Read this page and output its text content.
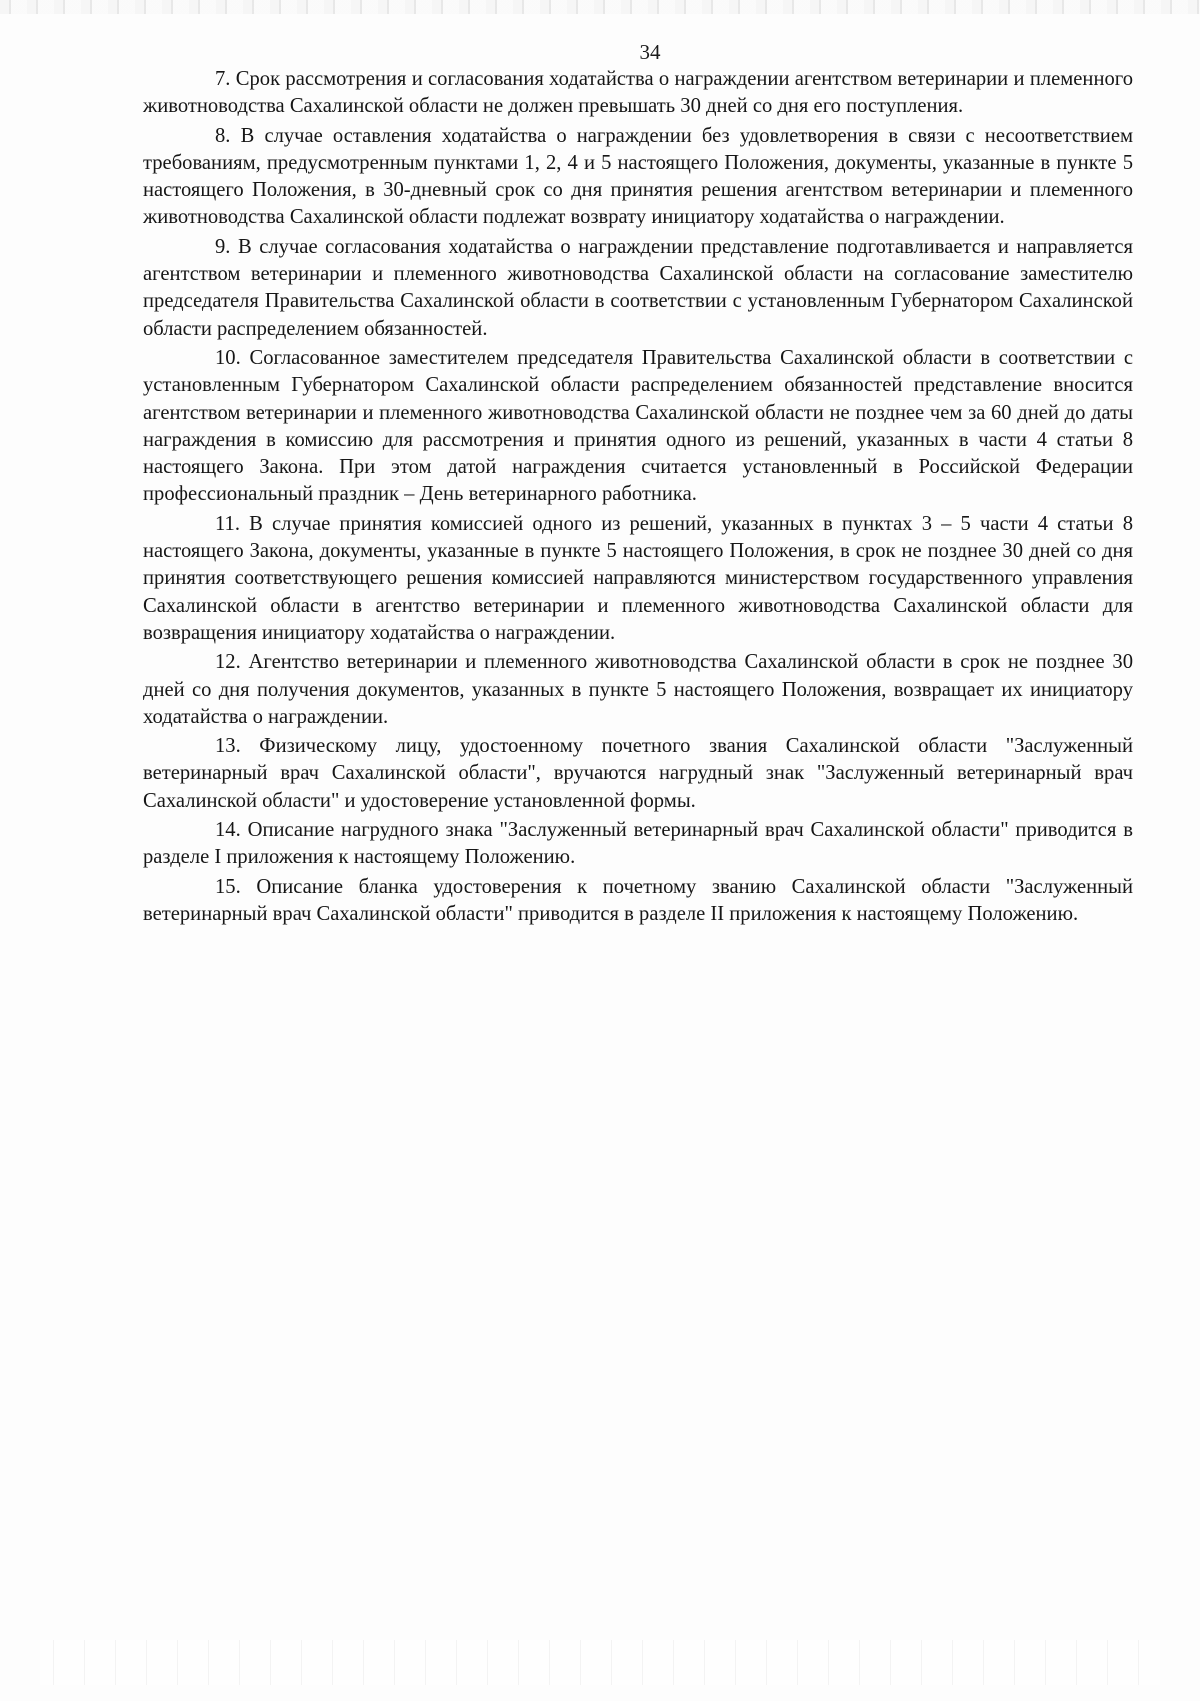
34

7. Срок рассмотрения и согласования ходатайства о награждении агентством ветеринарии и племенного животноводства Сахалинской области не должен превышать 30 дней со дня его поступления.

8. В случае оставления ходатайства о награждении без удовлетворения в связи с несоответствием требованиям, предусмотренным пунктами 1, 2, 4 и 5 настоящего Положения, документы, указанные в пункте 5 настоящего Положения, в 30-дневный срок со дня принятия решения агентством ветеринарии и племенного животноводства Сахалинской области подлежат возврату инициатору ходатайства о награждении.

9. В случае согласования ходатайства о награждении представление подготавливается и направляется агентством ветеринарии и племенного животноводства Сахалинской области на согласование заместителю председателя Правительства Сахалинской области в соответствии с установленным Губернатором Сахалинской области распределением обязанностей.

10. Согласованное заместителем председателя Правительства Сахалинской области в соответствии с установленным Губернатором Сахалинской области распределением обязанностей представление вносится агентством ветеринарии и племенного животноводства Сахалинской области не позднее чем за 60 дней до даты награждения в комиссию для рассмотрения и принятия одного из решений, указанных в части 4 статьи 8 настоящего Закона. При этом датой награждения считается установленный в Российской Федерации профессиональный праздник – День ветеринарного работника.

11. В случае принятия комиссией одного из решений, указанных в пунктах 3 – 5 части 4 статьи 8 настоящего Закона, документы, указанные в пункте 5 настоящего Положения, в срок не позднее 30 дней со дня принятия соответствующего решения комиссией направляются министерством государственного управления Сахалинской области в агентство ветеринарии и племенного животноводства Сахалинской области для возвращения инициатору ходатайства о награждении.

12. Агентство ветеринарии и племенного животноводства Сахалинской области в срок не позднее 30 дней со дня получения документов, указанных в пункте 5 настоящего Положения, возвращает их инициатору ходатайства о награждении.

13. Физическому лицу, удостоенному почетного звания Сахалинской области "Заслуженный ветеринарный врач Сахалинской области", вручаются нагрудный знак "Заслуженный ветеринарный врач Сахалинской области" и удостоверение установленной формы.

14. Описание нагрудного знака "Заслуженный ветеринарный врач Сахалинской области" приводится в разделе I приложения к настоящему Положению.

15. Описание бланка удостоверения к почетному званию Сахалинской области "Заслуженный ветеринарный врач Сахалинской области" приводится в разделе II приложения к настоящему Положению.
